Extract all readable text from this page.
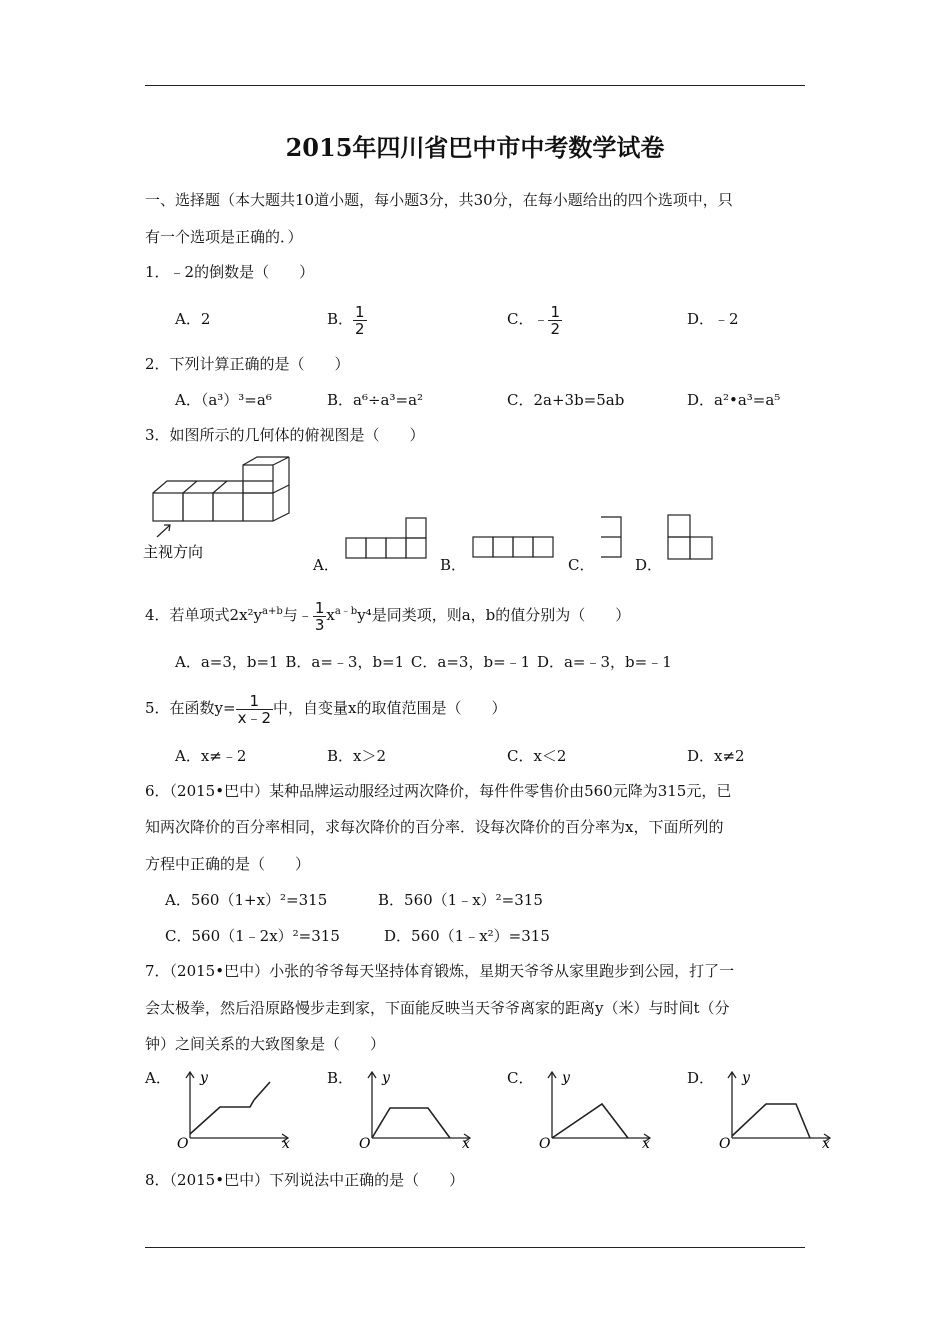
2015年四川省巴中市中考数学试卷
一、选择题（本大题共10道小题，每小题3分，共30分，在每小题给出的四个选项中，只
有一个选项是正确的．）
1．﹣2的倒数是（　　）
A．2	B． $\frac{1}{2}$	C．﹣ $\frac{1}{2}$	D．﹣2
2．下列计算正确的是（　　）
A．（a³）³=a⁶	B．a⁶÷a³=a²	C．2a+3b=5ab	D．a²•a³=a⁵
3．如图所示的几何体的俯视图是（　　）
主视方向
A．	B．	C．	D．
4．若单项式$2x^2y^{a+b}$与﹣ $\frac{1}{3} x^{a﹣b}y^4$是同类项，则a，b的值分别为（　　）
A．a=3，b=1 B．a=﹣3，b=1 C．a=3，b=﹣1 D．a=﹣3，b=﹣1
5．在函数$y= \frac{1}{x﹣2}$ 中，自变量x的取值范围是（　　）
A．x≠﹣2	B．x＞2	C．x＜2	D．x≠2
6．（2015•巴中）某种品牌运动服经过两次降价，每件件零售价由560元降为315元，已
知两次降价的百分率相同，求每次降价的百分率．设每次降价的百分率为x，下面所列的
方程中正确的是（　　）
A．560（1+x）²=315	B．560（1﹣x）²=315
C．560（1﹣2x）²=315	D．560（1﹣x²）=315
7．（2015•巴中）小张的爷爷每天坚持体育锻炼，星期天爷爷从家里跑步到公园，打了一
会太极拳，然后沿原路慢步走到家，下面能反映当天爷爷离家的距离y（米）与时间t（分
钟）之间关系的大致图象是（　　）
A． y
x
O
B． y
x
O
C． y
x
O
D． y
x
O
8．（2015•巴中）下列说法中正确的是（　　）
